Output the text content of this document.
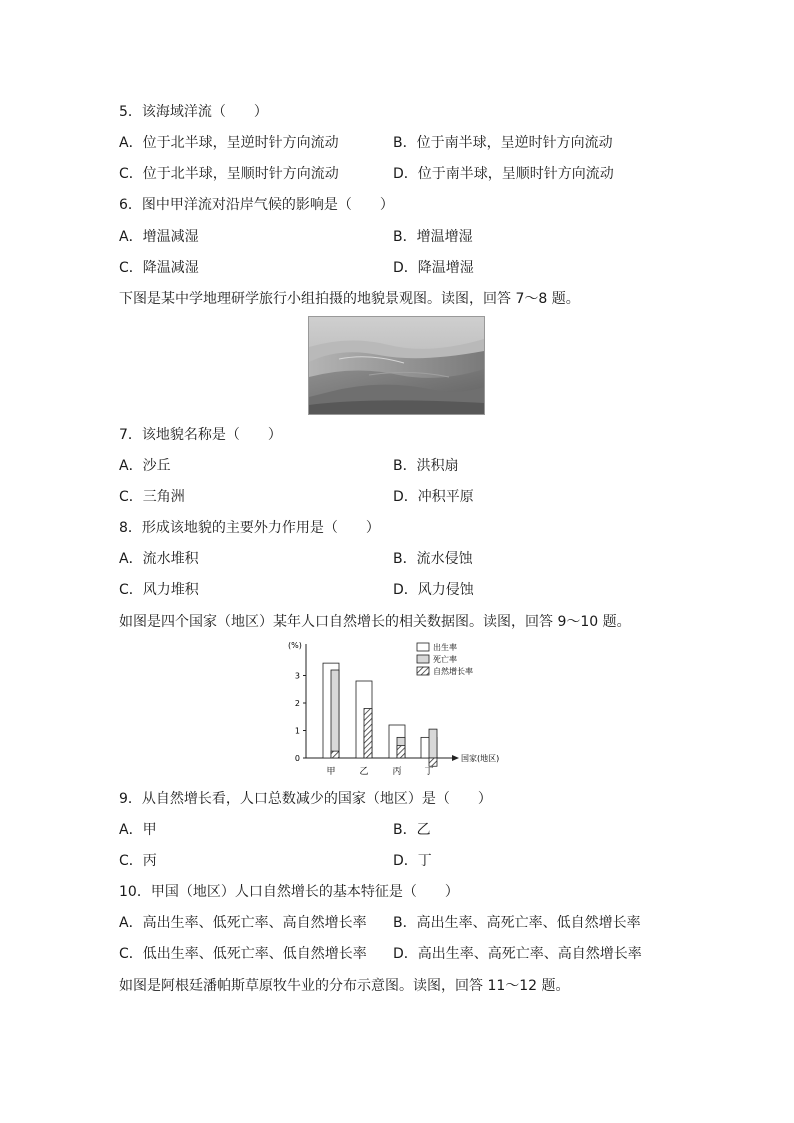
5．该海域洋流（　　）
A．位于北半球，呈逆时针方向流动	B．位于南半球，呈逆时针方向流动
C．位于北半球，呈顺时针方向流动	D．位于南半球，呈顺时针方向流动
6．图中甲洋流对沿岸气候的影响是（　　）
A．增温减湿	B．增温增湿
C．降温减湿	D．降温增湿
下图是某中学地理研学旅行小组拍摄的地貌景观图。读图，回答 7～8 题。
7．该地貌名称是（　　）
A．沙丘	B．洪积扇
C．三角洲	D．冲积平原
8．形成该地貌的主要外力作用是（　　）
A．流水堆积	B．流水侵蚀
C．风力堆积	D．风力侵蚀
如图是四个国家（地区）某年人口自然增长的相关数据图。读图，回答 9～10 题。
(%)
国家(地区)
0
1
2
3
甲	乙	丙	丁
出生率
死亡率
自然增长率
9．从自然增长看，人口总数减少的国家（地区）是（　　）
A．甲	B．乙
C．丙	D．丁
10．甲国（地区）人口自然增长的基本特征是（　　）
A．高出生率、低死亡率、高自然增长率 B．高出生率、高死亡率、低自然增长率
C．低出生率、低死亡率、低自然增长率 D．高出生率、高死亡率、高自然增长率
如图是阿根廷潘帕斯草原牧牛业的分布示意图。读图，回答 11～12 题。
